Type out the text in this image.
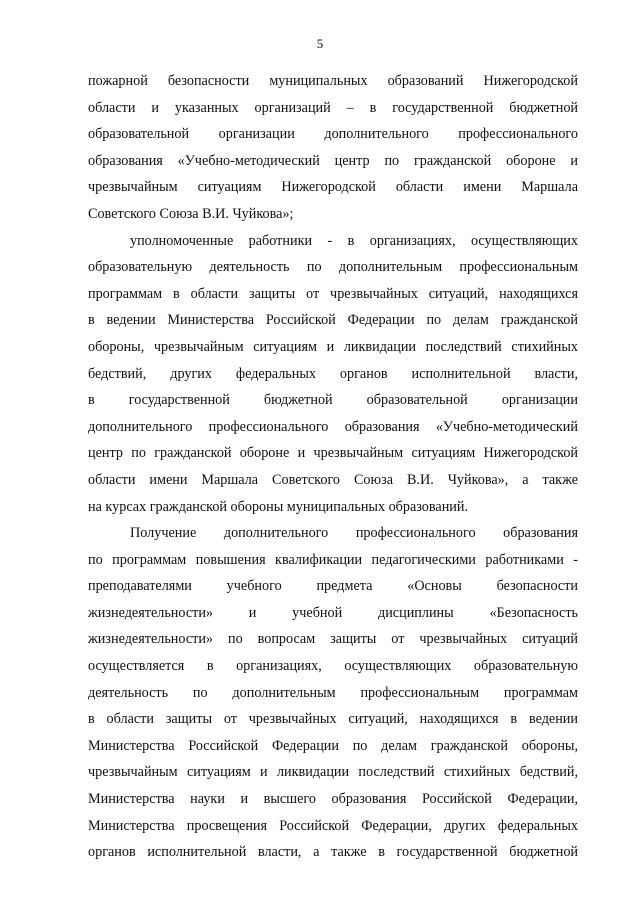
5

пожарной безопасности муниципальных образований Нижегородской
области и указанных организаций – в государственной бюджетной
образовательной организации дополнительного профессионального
образования «Учебно-методический центр по гражданской обороне и
чрезвычайным ситуациям Нижегородской области имени Маршала
Советского Союза В.И. Чуйкова»;

уполномоченные работники - в организациях, осуществляющих
образовательную деятельность по дополнительным профессиональным
программам в области защиты от чрезвычайных ситуаций, находящихся
в ведении Министерства Российской Федерации по делам гражданской
обороны, чрезвычайным ситуациям и ликвидации последствий стихийных
бедствий, других федеральных органов исполнительной власти,
в государственной бюджетной образовательной организации
дополнительного профессионального образования «Учебно-методический
центр по гражданской обороне и чрезвычайным ситуациям Нижегородской
области имени Маршала Советского Союза В.И. Чуйкова», а также
на курсах гражданской обороны муниципальных образований.

Получение дополнительного профессионального образования
по программам повышения квалификации педагогическими работниками -
преподавателями учебного предмета «Основы безопасности
жизнедеятельности» и учебной дисциплины «Безопасность
жизнедеятельности» по вопросам защиты от чрезвычайных ситуаций
осуществляется в организациях, осуществляющих образовательную
деятельность по дополнительным профессиональным программам
в области защиты от чрезвычайных ситуаций, находящихся в ведении
Министерства Российской Федерации по делам гражданской обороны,
чрезвычайным ситуациям и ликвидации последствий стихийных бедствий,
Министерства науки и высшего образования Российской Федерации,
Министерства просвещения Российской Федерации, других федеральных
органов исполнительной власти, а также в государственной бюджетной
